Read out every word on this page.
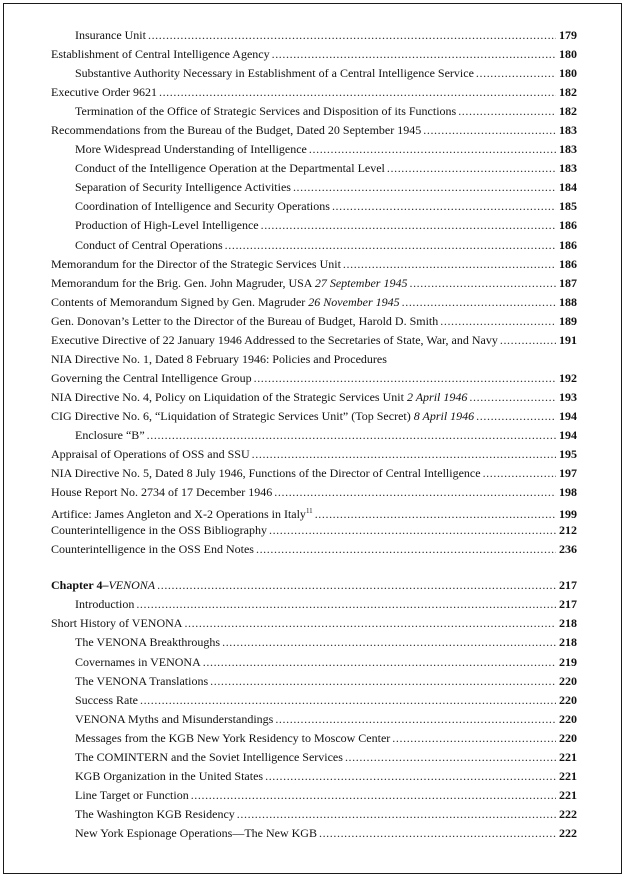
Insurance Unit .....	179
Establishment of Central Intelligence Agency .....	180
Substantive Authority Necessary in Establishment of a Central Intelligence Service .....	180
Executive Order 9621 .....	182
Termination of the Office of Strategic Services and Disposition of its Functions .....	182
Recommendations from the Bureau of the Budget, Dated 20 September 1945 .....	183
More Widespread Understanding of Intelligence .....	183
Conduct of the Intelligence Operation at the Departmental Level .....	183
Separation of Security Intelligence Activities .....	184
Coordination of Intelligence and Security Operations .....	185
Production of High-Level Intelligence .....	186
Conduct of Central Operations .....	186
Memorandum for the Director of the Strategic Services Unit .....	186
Memorandum for the Brig. Gen. John Magruder, USA 27 September 1945 .....	187
Contents of Memorandum Signed by Gen. Magruder 26 November 1945 .....	188
Gen. Donovan’s Letter to the Director of the Bureau of Budget, Harold D. Smith .....	189
Executive Directive of 22 January 1946 Addressed to the Secretaries of State, War, and Navy .....	191
NIA Directive No. 1, Dated 8 February 1946: Policies and Procedures
Governing the Central Intelligence Group .....	192
NIA Directive No. 4, Policy on Liquidation of the Strategic Services Unit 2 April 1946 .....	193
CIG Directive No. 6, “Liquidation of Strategic Services Unit” (Top Secret) 8 April 1946 .....	194
Enclosure “B” .....	194
Appraisal of Operations of OSS and SSU .....	195
NIA Directive No. 5, Dated 8 July 1946, Functions of the Director of Central Intelligence .....	197
House Report No. 2734 of 17 December 1946 .....	198
Artifice: James Angleton and X-2 Operations in Italy$^{11}$ .....	199
Counterintelligence in the OSS Bibliography .....	212
Counterintelligence in the OSS End Notes .....	236
Chapter 4–VENONA .....	217
Introduction .....	217
Short History of VENONA .....	218
The VENONA Breakthroughs .....	218
Covernames in VENONA .....	219
The VENONA Translations .....	220
Success Rate .....	220
VENONA Myths and Misunderstandings .....	220
Messages from the KGB New York Residency to Moscow Center .....	220
The COMINTERN and the Soviet Intelligence Services .....	221
KGB Organization in the United States .....	221
Line Target or Function .....	221
The Washington KGB Residency .....	222
New York Espionage Operations—The New KGB .....	222
